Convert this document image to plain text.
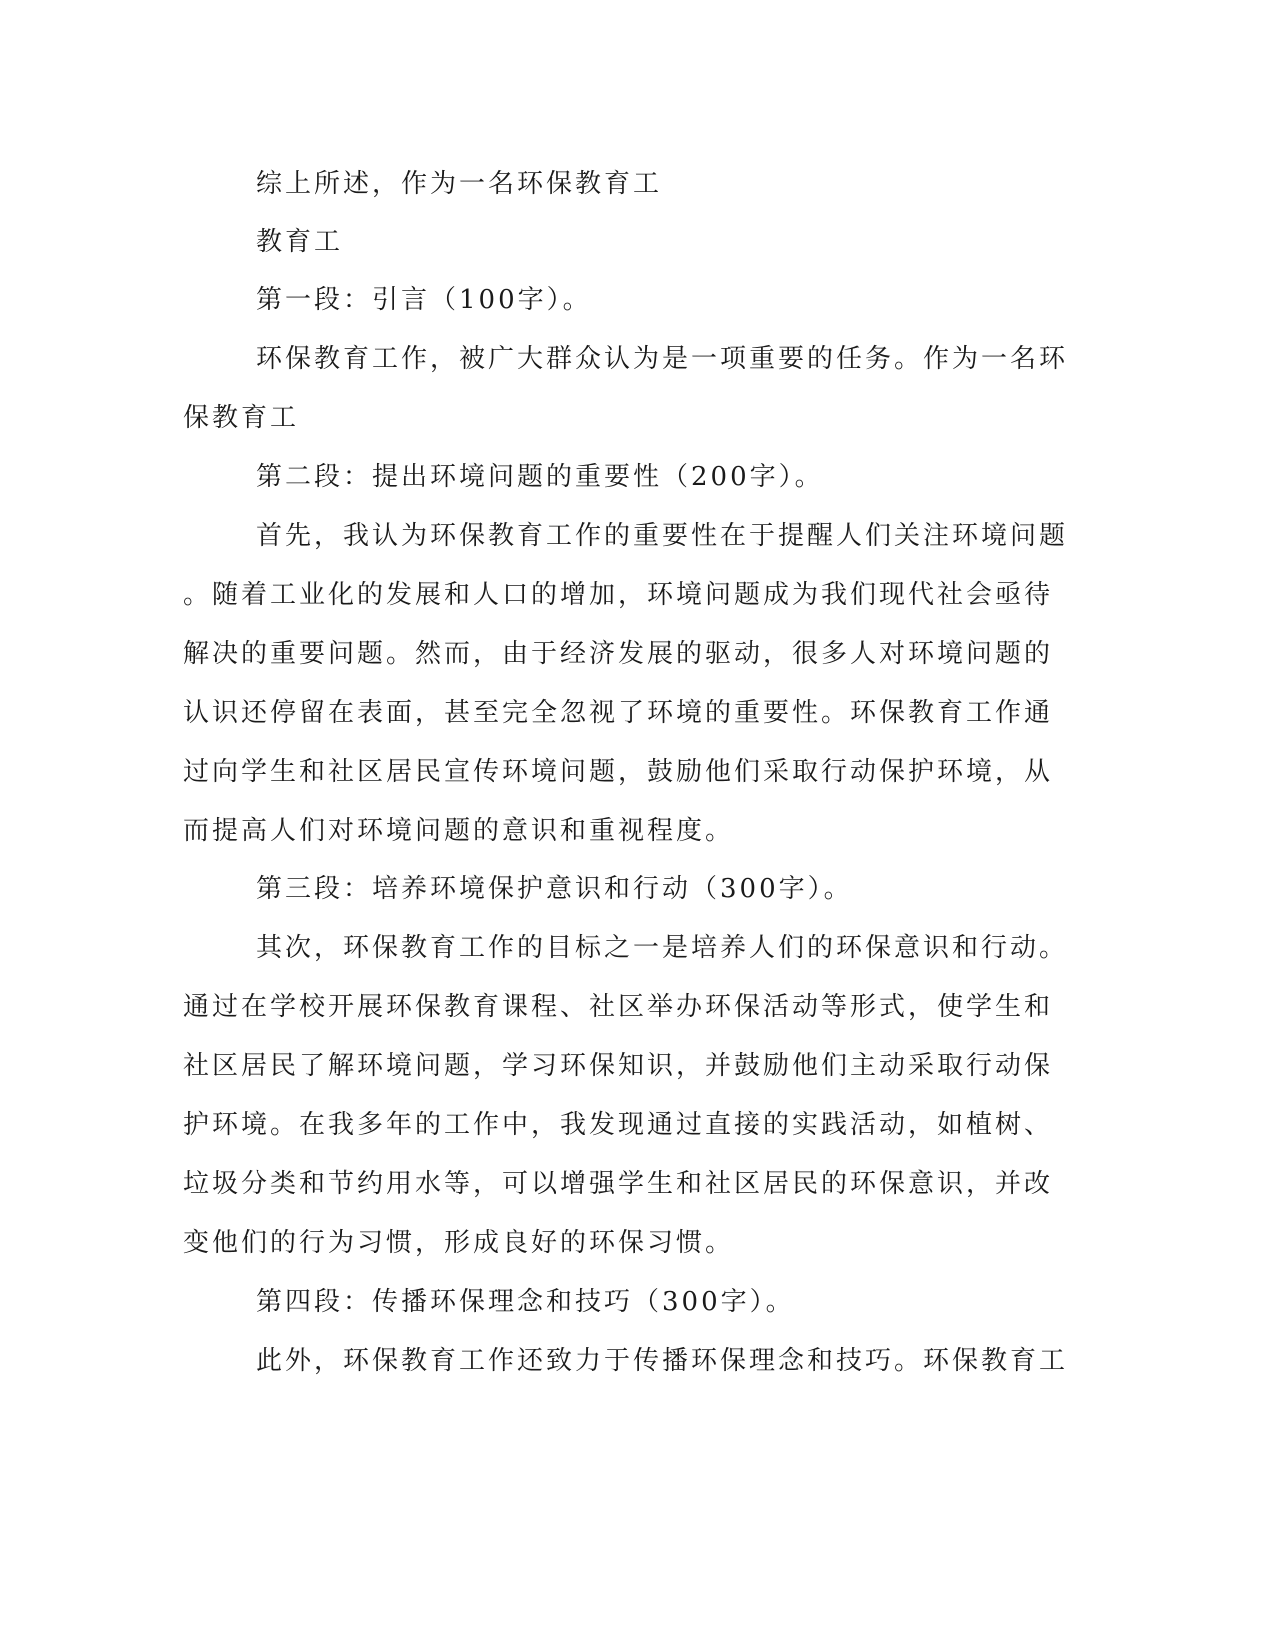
综上所述，作为一名环保教育工

教育工

第一段：引言（100字）。

环保教育工作，被广大群众认为是一项重要的任务。作为一名环

保教育工

第二段：提出环境问题的重要性（200字）。

首先，我认为环保教育工作的重要性在于提醒人们关注环境问题

。随着工业化的发展和人口的增加，环境问题成为我们现代社会亟待

解决的重要问题。然而，由于经济发展的驱动，很多人对环境问题的

认识还停留在表面，甚至完全忽视了环境的重要性。环保教育工作通

过向学生和社区居民宣传环境问题，鼓励他们采取行动保护环境，从

而提高人们对环境问题的意识和重视程度。

第三段：培养环境保护意识和行动（300字）。

其次，环保教育工作的目标之一是培养人们的环保意识和行动。

通过在学校开展环保教育课程、社区举办环保活动等形式，使学生和

社区居民了解环境问题，学习环保知识，并鼓励他们主动采取行动保

护环境。在我多年的工作中，我发现通过直接的实践活动，如植树、

垃圾分类和节约用水等，可以增强学生和社区居民的环保意识，并改

变他们的行为习惯，形成良好的环保习惯。

第四段：传播环保理念和技巧（300字）。

此外，环保教育工作还致力于传播环保理念和技巧。环保教育工
